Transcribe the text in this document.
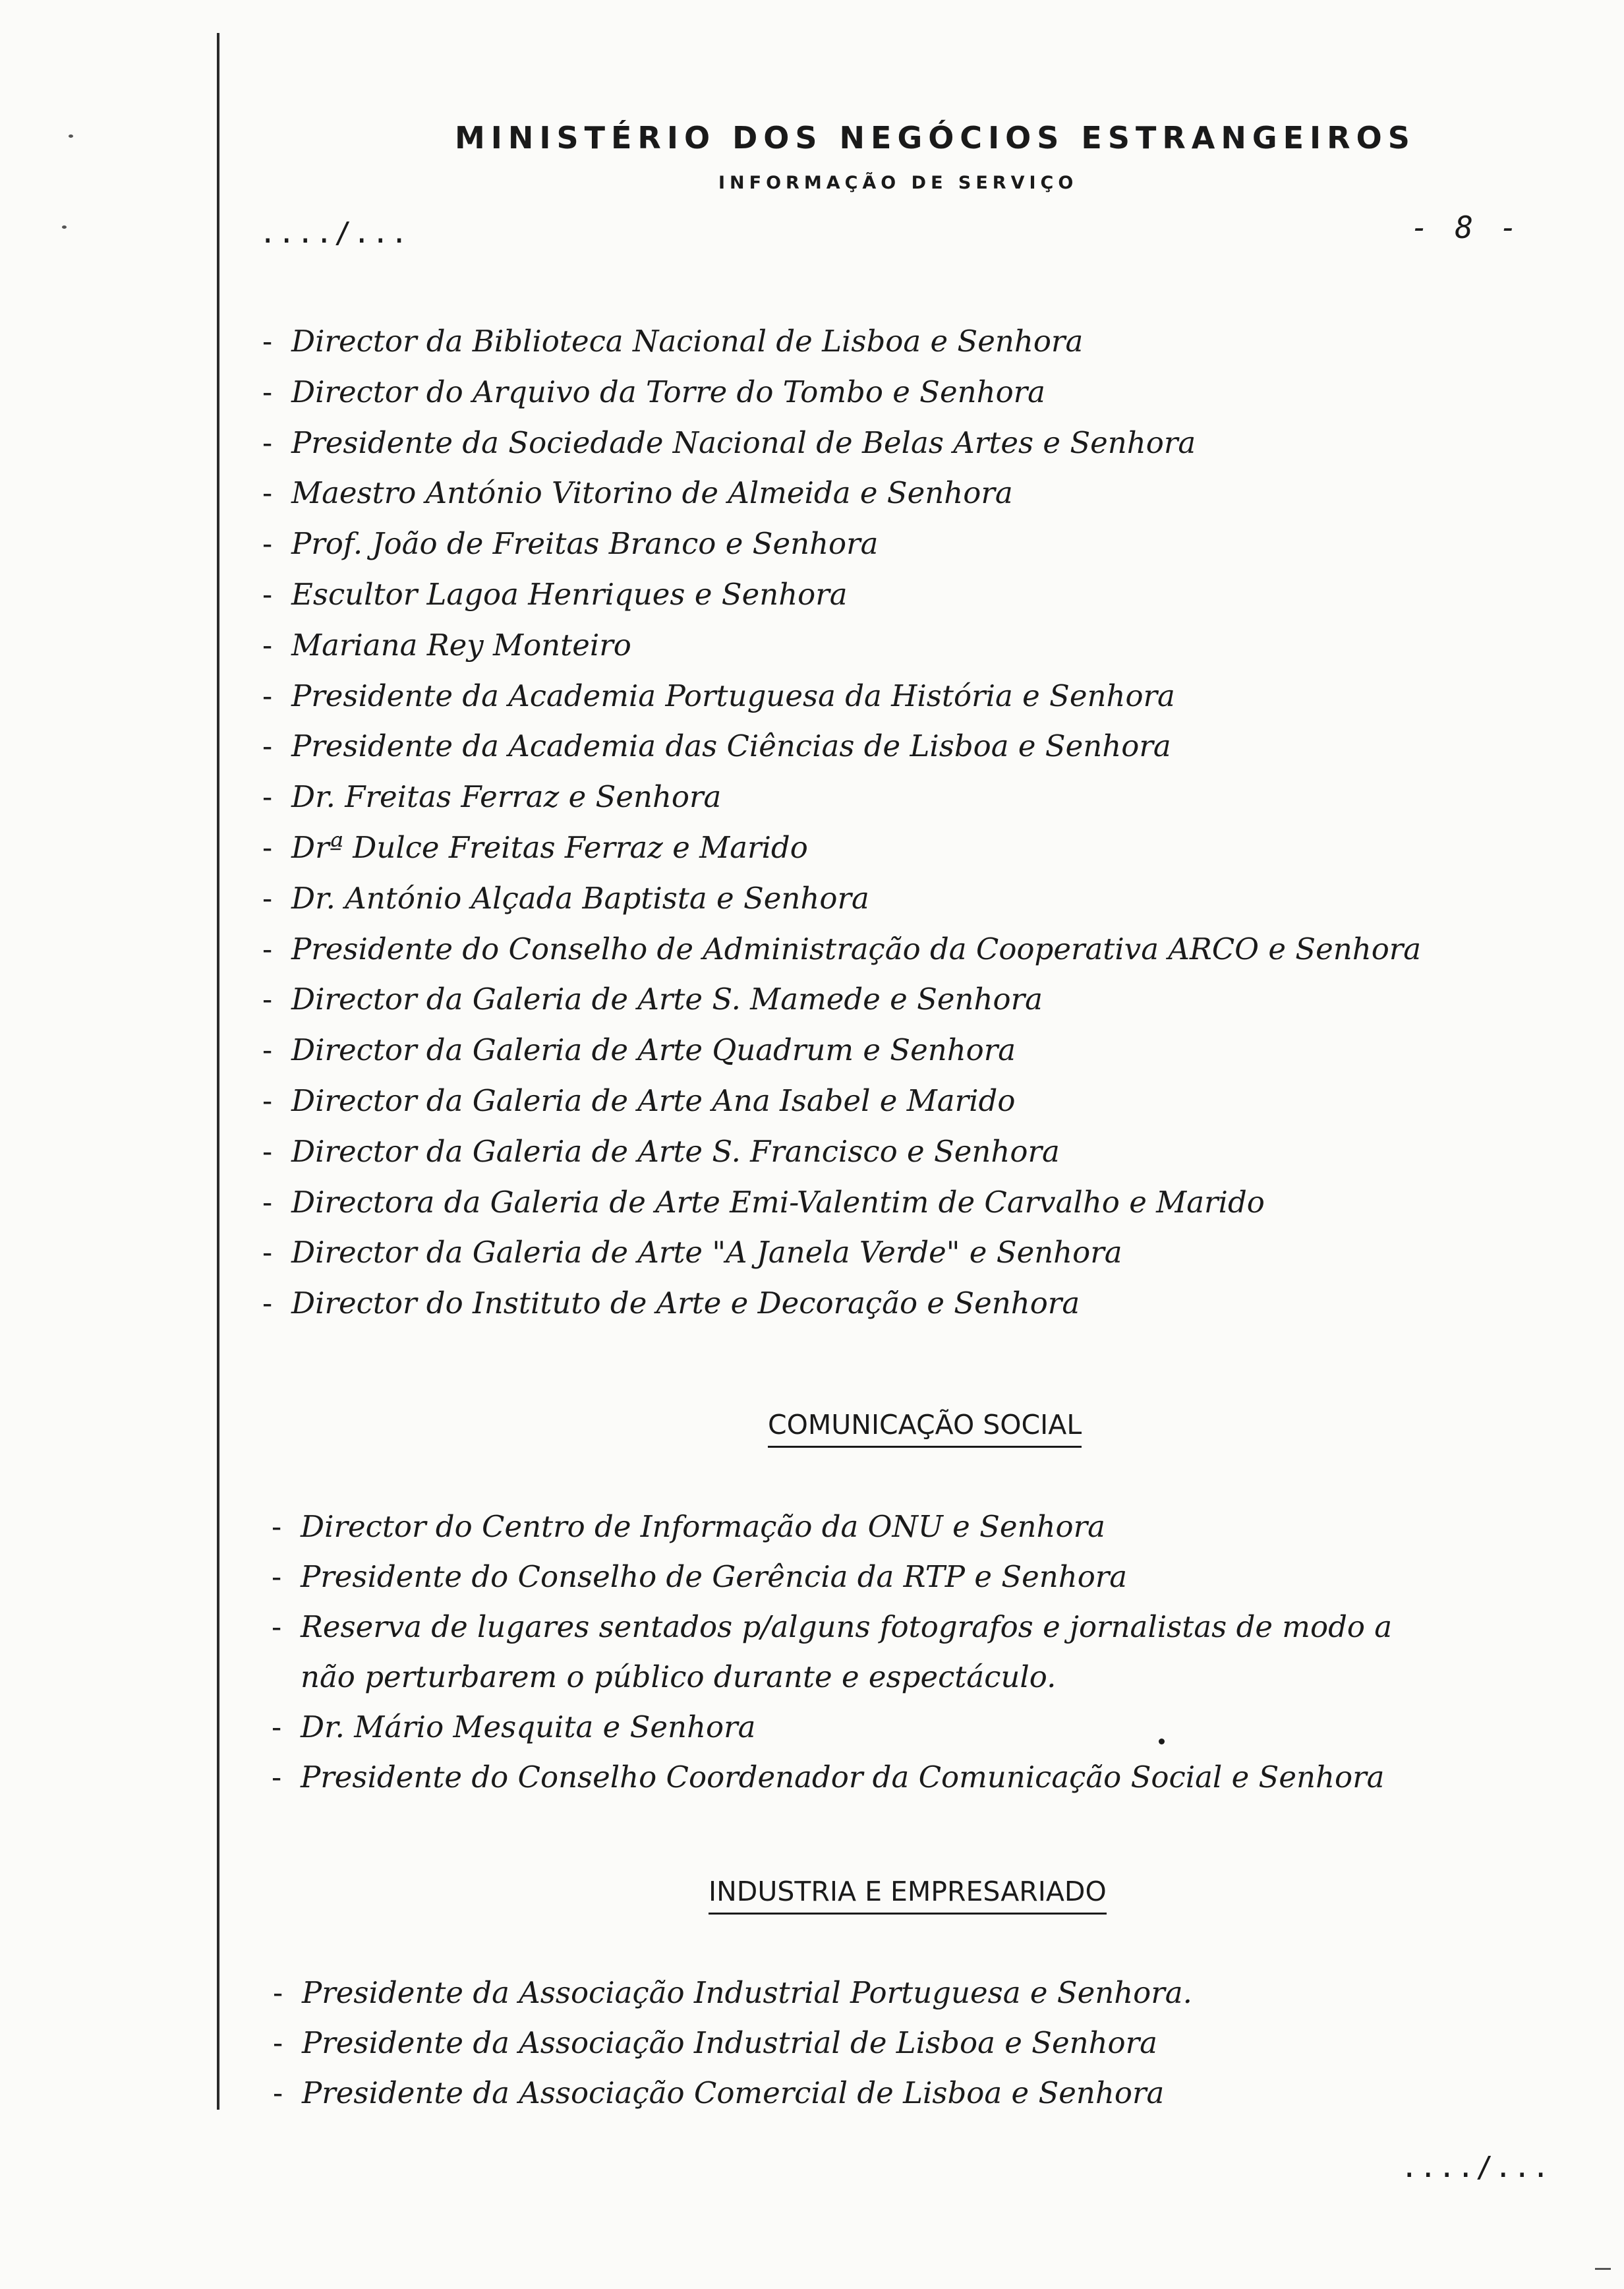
MINISTÉRIO DOS NEGÓCIOS ESTRANGEIROS
INFORMAÇÃO DE SERVIÇO
..../...	- 8 -
- Director da Biblioteca Nacional de Lisboa e Senhora
- Director do Arquivo da Torre do Tombo e Senhora
- Presidente da Sociedade Nacional de Belas Artes e Senhora
- Maestro António Vitorino de Almeida e Senhora
- Prof. João de Freitas Branco e Senhora
- Escultor Lagoa Henriques e Senhora
- Mariana Rey Monteiro
- Presidente da Academia Portuguesa da História e Senhora
- Presidente da Academia das Ciências de Lisboa e Senhora
- Dr. Freitas Ferraz e Senhora
- Drª Dulce Freitas Ferraz e Marido
- Dr. António Alçada Baptista e Senhora
- Presidente do Conselho de Administração da Cooperativa ARCO e Senhora
- Director da Galeria de Arte S. Mamede e Senhora
- Director da Galeria de Arte Quadrum e Senhora
- Director da Galeria de Arte Ana Isabel e Marido
- Director da Galeria de Arte S. Francisco e Senhora
- Directora da Galeria de Arte Emi-Valentim de Carvalho e Marido
- Director da Galeria de Arte "A Janela Verde" e Senhora
- Director do Instituto de Arte e Decoração e Senhora
COMUNICAÇÃO SOCIAL
- Director do Centro de Informação da ONU e Senhora
- Presidente do Conselho de Gerência da RTP e Senhora
- Reserva de lugares sentados p/alguns fotografos e jornalistas de modo a
não perturbarem o público durante e espectáculo.
- Dr. Mário Mesquita e Senhora
- Presidente do Conselho Coordenador da Comunicação Social e Senhora
INDUSTRIA E EMPRESARIADO
- Presidente da Associação Industrial Portuguesa e Senhora.
- Presidente da Associação Industrial de Lisboa e Senhora
- Presidente da Associação Comercial de Lisboa e Senhora
..../...
